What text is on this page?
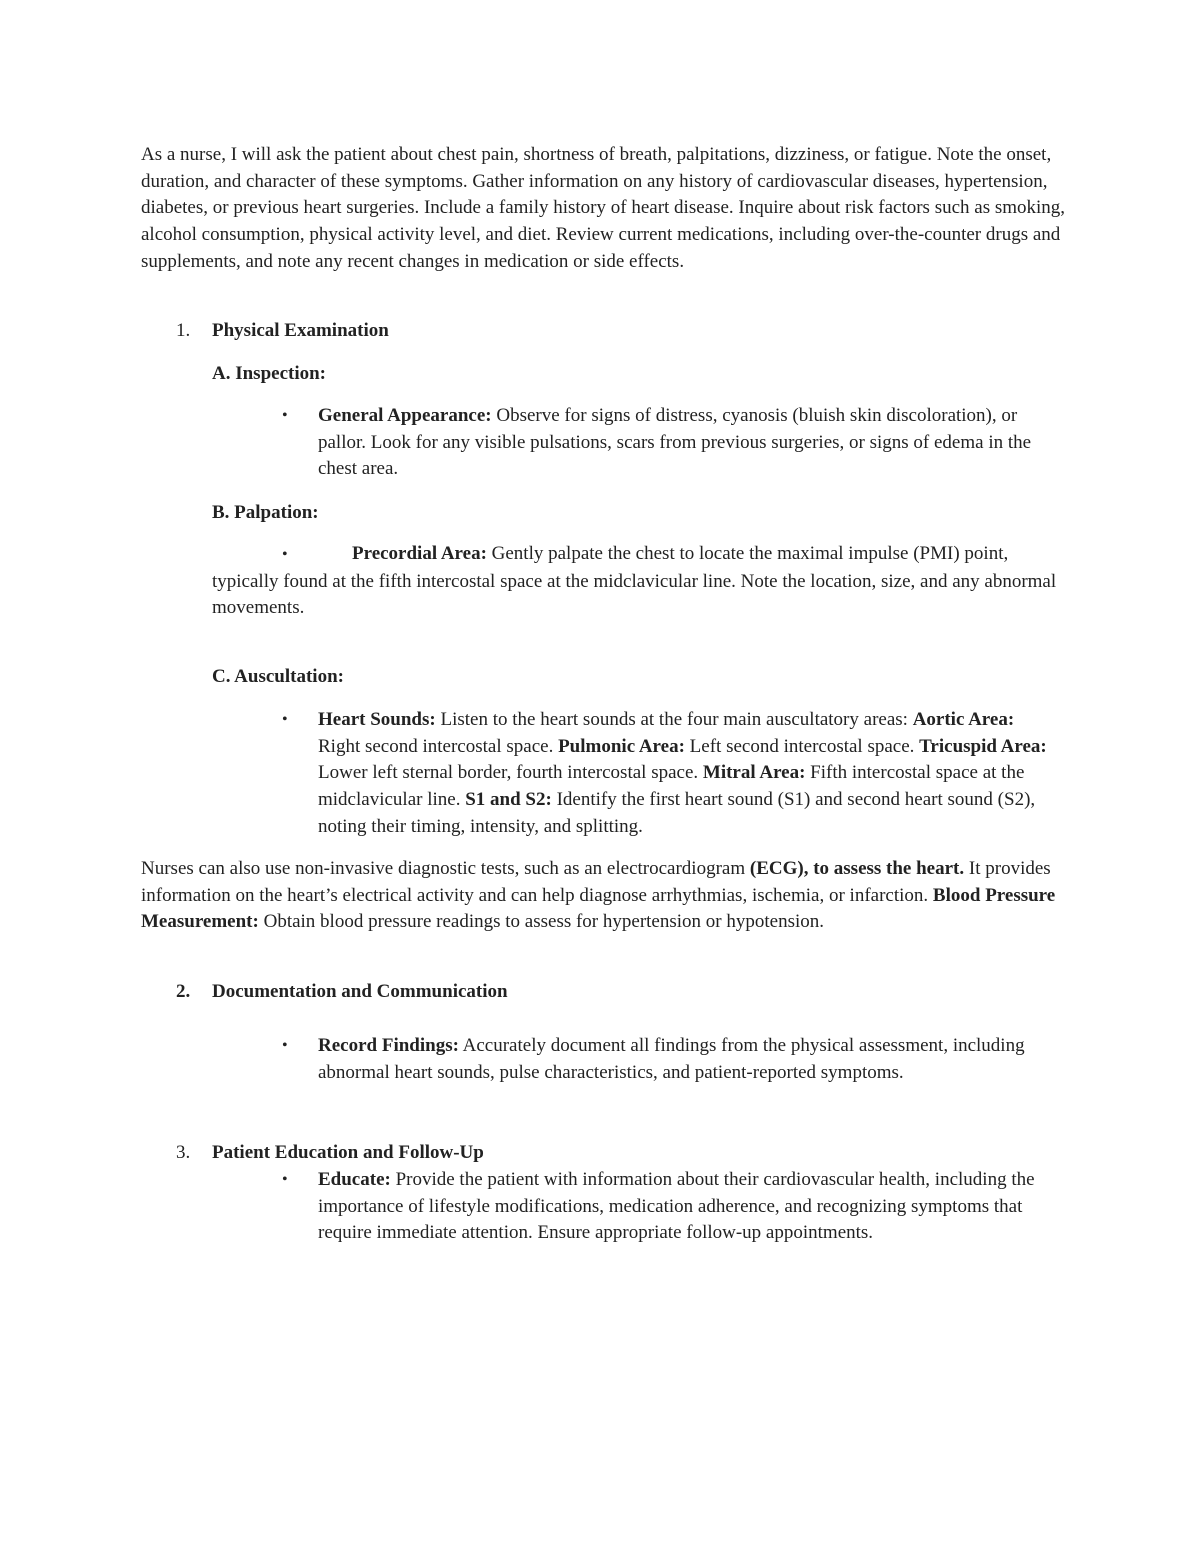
As a nurse, I will ask the patient about chest pain, shortness of breath, palpitations, dizziness, or fatigue. Note the onset, duration, and character of these symptoms. Gather information on any history of cardiovascular diseases, hypertension, diabetes, or previous heart surgeries. Include a family history of heart disease. Inquire about risk factors such as smoking, alcohol consumption, physical activity level, and diet. Review current medications, including over-the-counter drugs and supplements, and note any recent changes in medication or side effects.

1. Physical Examination

A. Inspection:

• General Appearance: Observe for signs of distress, cyanosis (bluish skin discoloration), or pallor. Look for any visible pulsations, scars from previous surgeries, or signs of edema in the chest area.

B. Palpation:

•	Precordial Area: Gently palpate the chest to locate the maximal impulse (PMI) point, typically found at the fifth intercostal space at the midclavicular line. Note the location, size, and any abnormal movements.

C. Auscultation:

• Heart Sounds: Listen to the heart sounds at the four main auscultatory areas: Aortic Area: Right second intercostal space. Pulmonic Area: Left second intercostal space. Tricuspid Area: Lower left sternal border, fourth intercostal space. Mitral Area: Fifth intercostal space at the midclavicular line. S1 and S2: Identify the first heart sound (S1) and second heart sound (S2), noting their timing, intensity, and splitting.

Nurses can also use non-invasive diagnostic tests, such as an electrocardiogram (ECG), to assess the heart. It provides information on the heart’s electrical activity and can help diagnose arrhythmias, ischemia, or infarction. Blood Pressure Measurement: Obtain blood pressure readings to assess for hypertension or hypotension.

2. Documentation and Communication
• Record Findings: Accurately document all findings from the physical assessment, including abnormal heart sounds, pulse characteristics, and patient-reported symptoms.
3. Patient Education and Follow-Up
• Educate: Provide the patient with information about their cardiovascular health, including the importance of lifestyle modifications, medication adherence, and recognizing symptoms that require immediate attention. Ensure appropriate follow-up appointments.
